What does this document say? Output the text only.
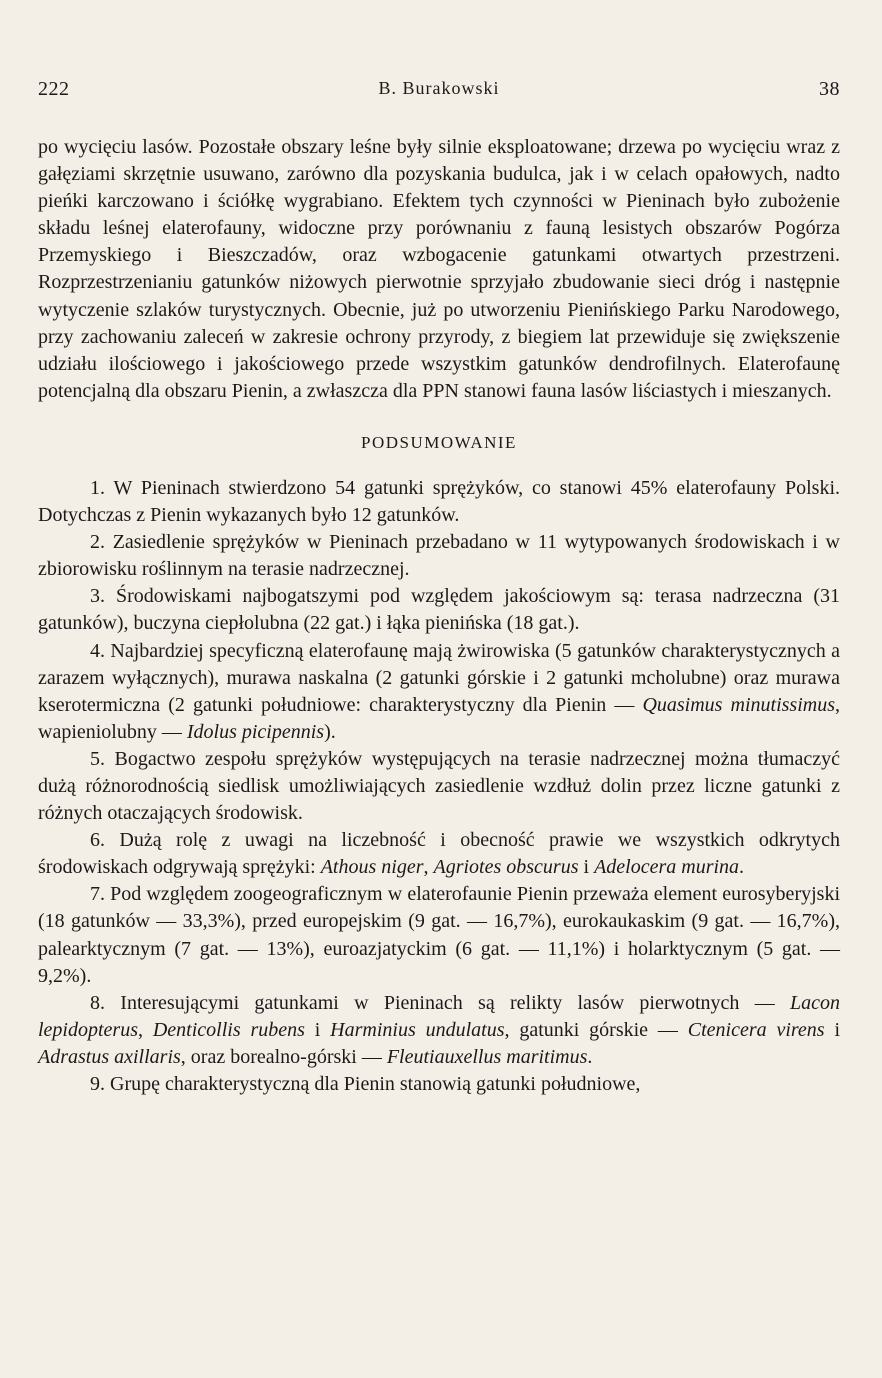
222	B. Burakowski	38

po wycięciu lasów. Pozostałe obszary leśne były silnie eksploatowane; drzewa po wycięciu wraz z gałęziami skrzętnie usuwano, zarówno dla pozyskania budulca, jak i w celach opałowych, nadto pieńki karczowano i ściółkę wygrabiano. Efektem tych czynności w Pieninach było zubożenie składu leśnej elaterofauny, widoczne przy porównaniu z fauną lesistych obszarów Pogórza Przemyskiego i Bieszczadów, oraz wzbogacenie gatunkami otwartych przestrzeni. Rozprzestrzenianiu gatunków niżowych pierwotnie sprzyjało zbudowanie sieci dróg i następnie wytyczenie szlaków turystycznych. Obecnie, już po utworzeniu Pienińskiego Parku Narodowego, przy zachowaniu zaleceń w zakresie ochrony przyrody, z biegiem lat przewiduje się zwiększenie udziału ilościowego i jakościowego przede wszystkim gatunków dendrofilnych. Elaterofaunę potencjalną dla obszaru Pienin, a zwłaszcza dla PPN stanowi fauna lasów liściastych i mieszanych.

PODSUMOWANIE

1. W Pieninach stwierdzono 54 gatunki sprężyków, co stanowi 45% elaterofauny Polski. Dotychczas z Pienin wykazanych było 12 gatunków.

2. Zasiedlenie sprężyków w Pieninach przebadano w 11 wytypowanych środowiskach i w zbiorowisku roślinnym na terasie nadrzecznej.

3. Środowiskami najbogatszymi pod względem jakościowym są: terasa nadrzeczna (31 gatunków), buczyna ciepłolubna (22 gat.) i łąka pienińska (18 gat.).

4. Najbardziej specyficzną elaterofaunę mają żwirowiska (5 gatunków charakterystycznych a zarazem wyłącznych), murawa naskalna (2 gatunki górskie i 2 gatunki mcholubne) oraz murawa kserotermiczna (2 gatunki południowe: charakterystyczny dla Pienin — Quasimus minutissimus, wapieniolubny — Idolus picipennis).

5. Bogactwo zespołu sprężyków występujących na terasie nadrzecznej można tłumaczyć dużą różnorodnością siedlisk umożliwiających zasiedlenie wzdłuż dolin przez liczne gatunki z różnych otaczających środowisk.

6. Dużą rolę z uwagi na liczebność i obecność prawie we wszystkich odkrytych środowiskach odgrywają sprężyki: Athous niger, Agriotes obscurus i Adelocera murina.

7. Pod względem zoogeograficznym w elaterofaunie Pienin przeważa element eurosyberyjski (18 gatunków — 33,3%), przed europejskim (9 gat. — 16,7%), eurokaukaskim (9 gat. — 16,7%), palearktycznym (7 gat. — 13%), euroazjatyckim (6 gat. — 11,1%) i holarktycznym (5 gat. — 9,2%).

8. Interesującymi gatunkami w Pieninach są relikty lasów pierwotnych — Lacon lepidopterus, Denticollis rubens i Harminius undulatus, gatunki górskie — Ctenicera virens i Adrastus axillaris, oraz borealno-górski — Fleutiauxellus maritimus.

9. Grupę charakterystyczną dla Pienin stanowią gatunki południowe,
